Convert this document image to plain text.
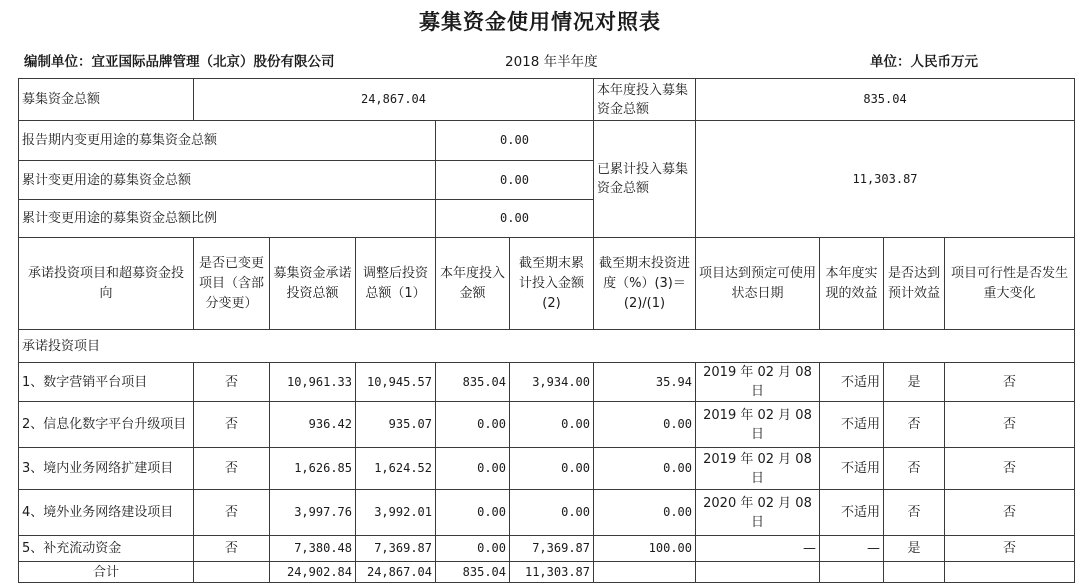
募集资金使用情况对照表
编制单位：宜亚国际品牌管理（北京）股份有限公司	2018 年半年度	单位：人民币万元
募集资金总额	24,867.04					本年度投入募集资金总额	835.04			
报告期内变更用途的募集资金总额				0.00		已累计投入募集资金总额	11,303.87			
累计变更用途的募集资金总额				0.00						
累计变更用途的募集资金总额比例				0.00						
承诺投资项目和超募资金投向	是否已变更项目（含部分变更）	募集资金承诺投资总额	调整后投资总额（1）	本年度投入金额	截至期末累计投入金额(2)	截至期末投资进度（%）(3)＝(2)/(1)	项目达到预定可使用状态日期	本年度实现的效益	是否达到预计效益	项目可行性是否发生重大变化
承诺投资项目										
1、数字营销平台项目	否	10,961.33	10,945.57	835.04	3,934.00	35.94	2019 年 02 月 08 日	不适用	是	否
2、信息化数字平台升级项目	否	936.42	935.07	0.00	0.00	0.00	2019 年 02 月 08 日	不适用	否	否
3、境内业务网络扩建项目	否	1,626.85	1,624.52	0.00	0.00	0.00	2019 年 02 月 08 日	不适用	否	否
4、境外业务网络建设项目	否	3,997.76	3,992.01	0.00	0.00	0.00	2020 年 02 月 08 日	不适用	否	否
5、补充流动资金	否	7,380.48	7,369.87	0.00	7,369.87	100.00	—	—	是	否
合计		24,902.84	24,867.04	835.04	11,303.87					
